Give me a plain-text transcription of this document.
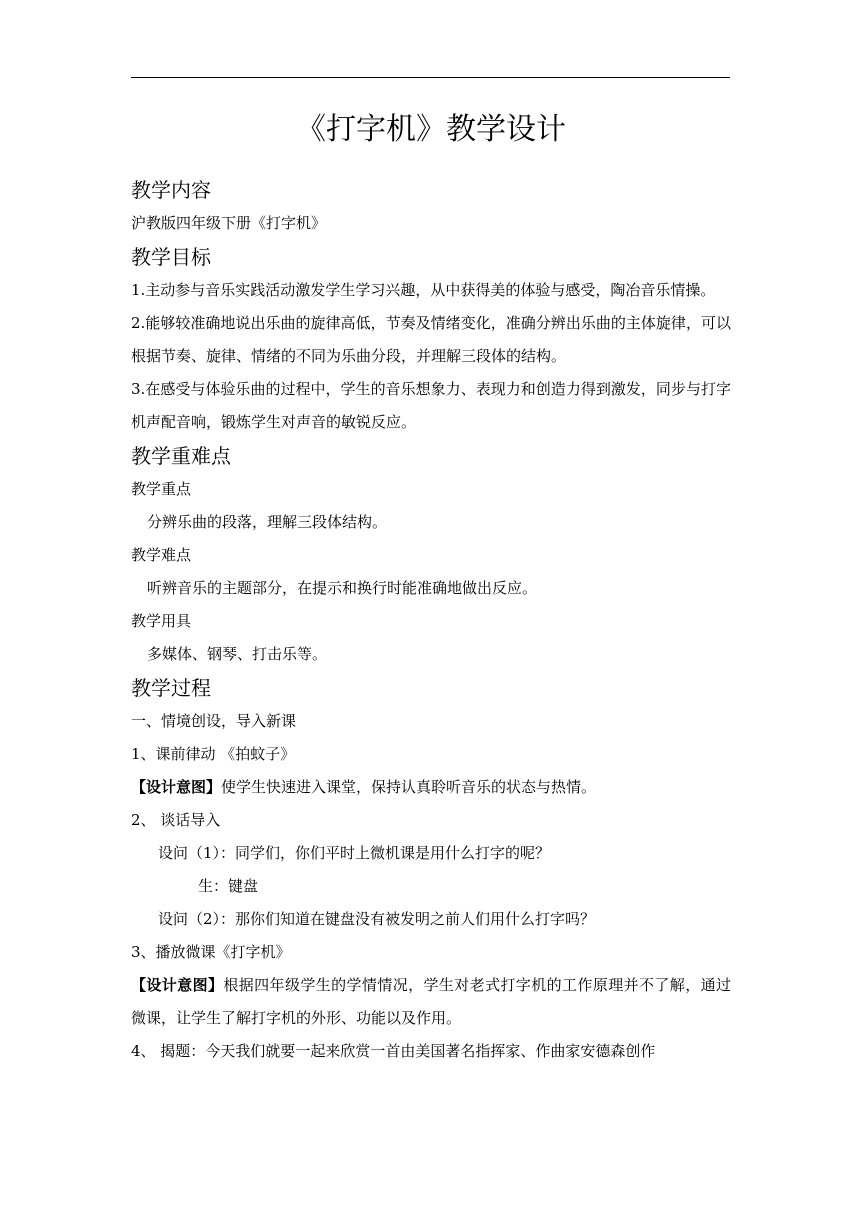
《打字机》教学设计
教学内容

沪教版四年级下册《打字机》

教学目标

1.主动参与音乐实践活动激发学生学习兴趣，从中获得美的体验与感受，陶冶音乐情操。

2.能够较准确地说出乐曲的旋律高低，节奏及情绪变化，准确分辨出乐曲的主体旋律，可以根据节奏、旋律、情绪的不同为乐曲分段，并理解三段体的结构。

3.在感受与体验乐曲的过程中，学生的音乐想象力、表现力和创造力得到激发，同步与打字机声配音响，锻炼学生对声音的敏锐反应。

教学重难点

教学重点

分辨乐曲的段落，理解三段体结构。

教学难点

听辨音乐的主题部分，在提示和换行时能准确地做出反应。

教学用具

多媒体、钢琴、打击乐等。

教学过程

一、情境创设，导入新课

1、课前律动 《拍蚊子》

【设计意图】使学生快速进入课堂，保持认真聆听音乐的状态与热情。

2、 谈话导入

设问（1）：同学们，你们平时上微机课是用什么打字的呢？

生：键盘

设问（2）：那你们知道在键盘没有被发明之前人们用什么打字吗？

3、播放微课《打字机》

【设计意图】根据四年级学生的学情情况，学生对老式打字机的工作原理并不了解，通过微课，让学生了解打字机的外形、功能以及作用。

4、 揭题：今天我们就要一起来欣赏一首由美国著名指挥家、作曲家安德森创作
